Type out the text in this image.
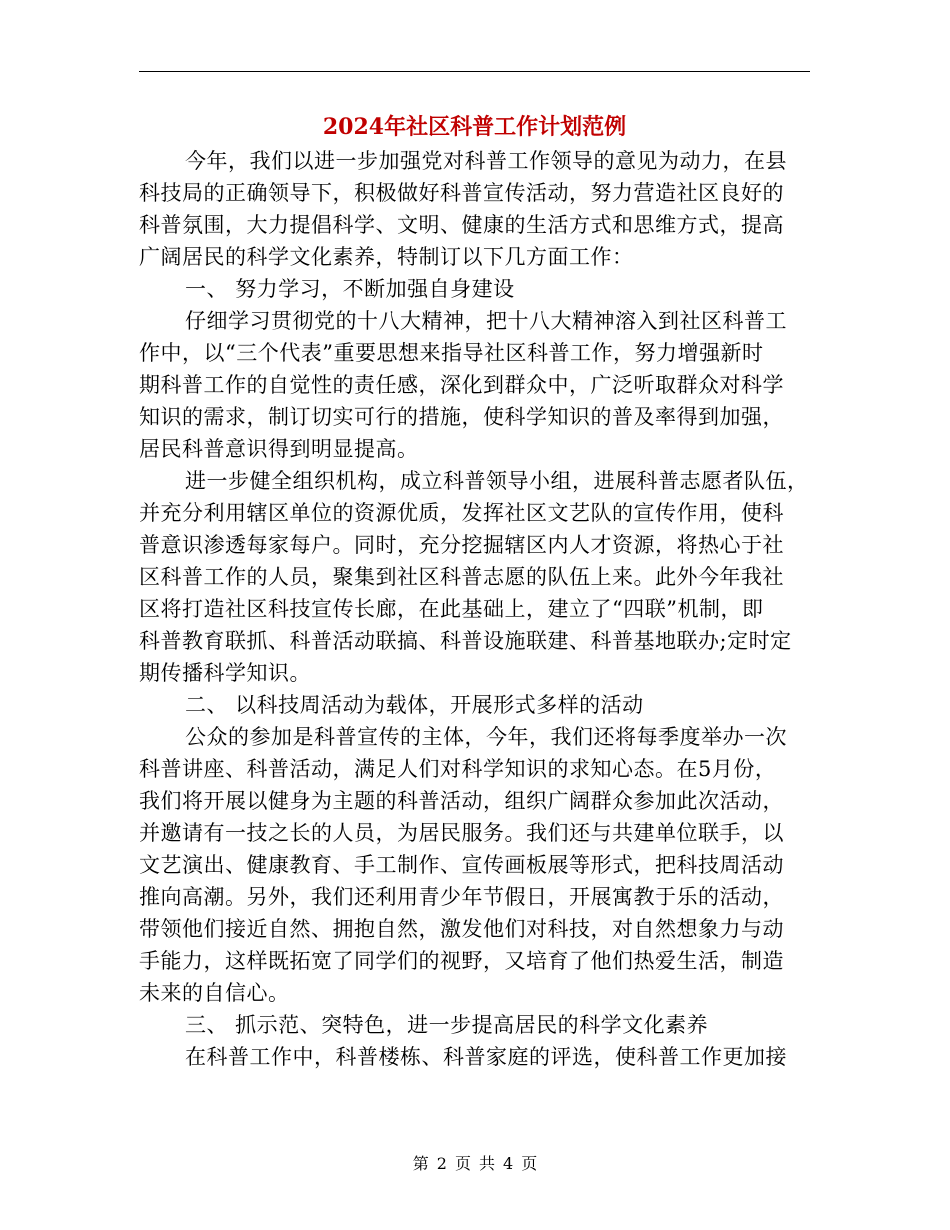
2024年社区科普工作计划范例
今年，我们以进一步加强党对科普工作领导的意见为动力，在县
科技局的正确领导下，积极做好科普宣传活动，努力营造社区良好的
科普氛围，大力提倡科学、文明、健康的生活方式和思维方式，提高
广阔居民的科学文化素养，特制订以下几方面工作：
一、 努力学习，不断加强自身建设
仔细学习贯彻党的十八大精神，把十八大精神溶入到社区科普工
作中，以“三个代表”重要思想来指导社区科普工作，努力增强新时
期科普工作的自觉性的责任感，深化到群众中，广泛听取群众对科学
知识的需求，制订切实可行的措施，使科学知识的普及率得到加强，
居民科普意识得到明显提高。
进一步健全组织机构，成立科普领导小组，进展科普志愿者队伍，
并充分利用辖区单位的资源优质，发挥社区文艺队的宣传作用，使科
普意识渗透每家每户。同时，充分挖掘辖区内人才资源，将热心于社
区科普工作的人员，聚集到社区科普志愿的队伍上来。此外今年我社
区将打造社区科技宣传长廊，在此基础上，建立了“四联”机制，即
科普教育联抓、科普活动联搞、科普设施联建、科普基地联办;定时定
期传播科学知识。
二、 以科技周活动为载体，开展形式多样的活动
公众的参加是科普宣传的主体，今年，我们还将每季度举办一次
科普讲座、科普活动，满足人们对科学知识的求知心态。在5月份，
我们将开展以健身为主题的科普活动，组织广阔群众参加此次活动，
并邀请有一技之长的人员，为居民服务。我们还与共建单位联手，以
文艺演出、健康教育、手工制作、宣传画板展等形式，把科技周活动
推向高潮。另外，我们还利用青少年节假日，开展寓教于乐的活动，
带领他们接近自然、拥抱自然，激发他们对科技，对自然想象力与动
手能力，这样既拓宽了同学们的视野，又培育了他们热爱生活，制造
未来的自信心。
三、 抓示范、突特色，进一步提高居民的科学文化素养
在科普工作中，科普楼栋、科普家庭的评选，使科普工作更加接
第 2 页 共 4 页
